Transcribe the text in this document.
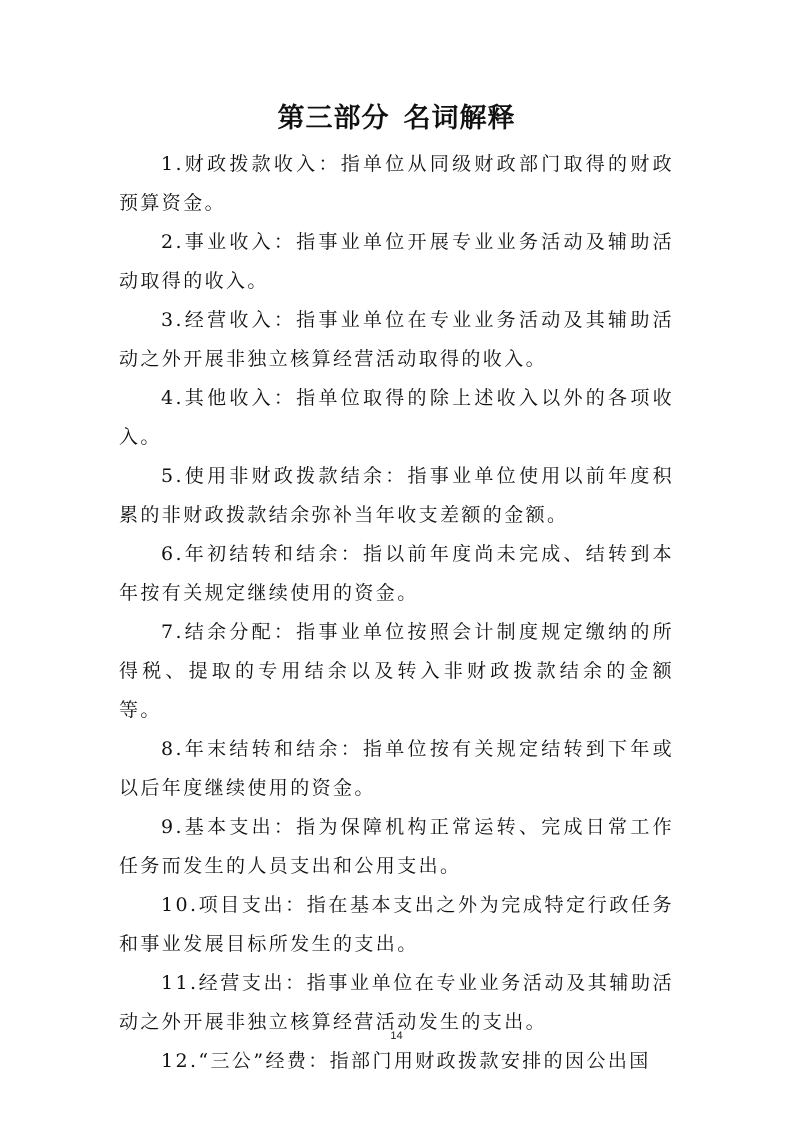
第三部分 名词解释

1.财政拨款收入：指单位从同级财政部门取得的财政预算资金。

2.事业收入：指事业单位开展专业业务活动及辅助活动取得的收入。

3.经营收入：指事业单位在专业业务活动及其辅助活动之外开展非独立核算经营活动取得的收入。

4.其他收入：指单位取得的除上述收入以外的各项收入。

5.使用非财政拨款结余：指事业单位使用以前年度积累的非财政拨款结余弥补当年收支差额的金额。

6.年初结转和结余：指以前年度尚未完成、结转到本年按有关规定继续使用的资金。

7.结余分配：指事业单位按照会计制度规定缴纳的所得税、提取的专用结余以及转入非财政拨款结余的金额等。

8.年末结转和结余：指单位按有关规定结转到下年或以后年度继续使用的资金。

9.基本支出：指为保障机构正常运转、完成日常工作任务而发生的人员支出和公用支出。

10.项目支出：指在基本支出之外为完成特定行政任务和事业发展目标所发生的支出。

11.经营支出：指事业单位在专业业务活动及其辅助活动之外开展非独立核算经营活动发生的支出。

12.“三公”经费：指部门用财政拨款安排的因公出国

14
